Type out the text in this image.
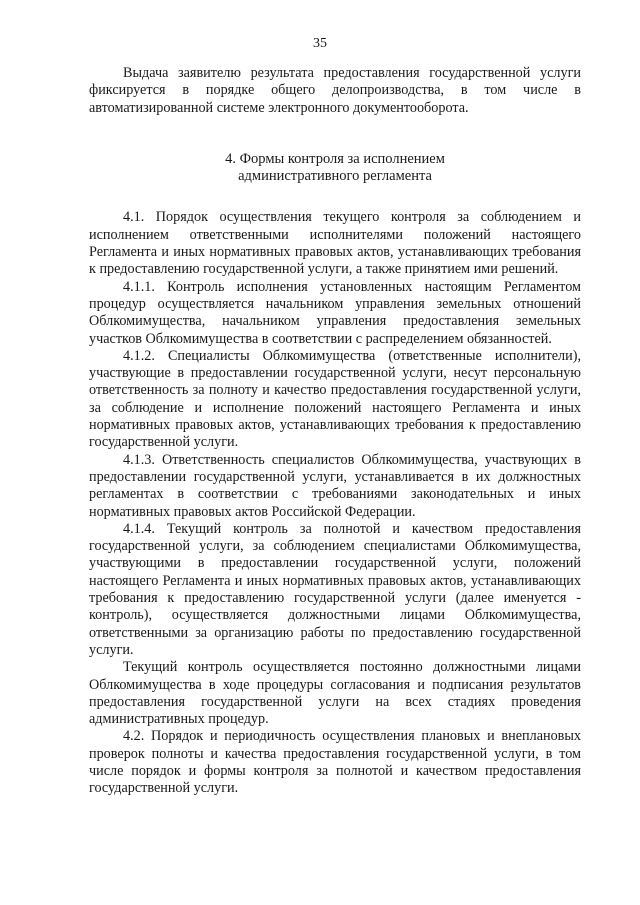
35

Выдача заявителю результата предоставления государственной услуги фиксируется в порядке общего делопроизводства, в том числе в автоматизированной системе электронного документооборота.

4. Формы контроля за исполнением
административного регламента

4.1. Порядок осуществления текущего контроля за соблюдением и исполнением ответственными исполнителями положений настоящего Регламента и иных нормативных правовых актов, устанавливающих требования к предоставлению государственной услуги, а также принятием ими решений.

4.1.1. Контроль исполнения установленных настоящим Регламентом процедур осуществляется начальником управления земельных отношений Облкомимущества, начальником управления предоставления земельных участков Облкомимущества в соответствии с распределением обязанностей.

4.1.2. Специалисты Облкомимущества (ответственные исполнители), участвующие в предоставлении государственной услуги, несут персональную ответственность за полноту и качество предоставления государственной услуги, за соблюдение и исполнение положений настоящего Регламента и иных нормативных правовых актов, устанавливающих требования к предоставлению государственной услуги.

4.1.3. Ответственность специалистов Облкомимущества, участвующих в предоставлении государственной услуги, устанавливается в их должностных регламентах в соответствии с требованиями законодательных и иных нормативных правовых актов Российской Федерации.

4.1.4. Текущий контроль за полнотой и качеством предоставления государственной услуги, за соблюдением специалистами Облкомимущества, участвующими в предоставлении государственной услуги, положений настоящего Регламента и иных нормативных правовых актов, устанавливающих требования к предоставлению государственной услуги (далее именуется - контроль), осуществляется должностными лицами Облкомимущества, ответственными за организацию работы по предоставлению государственной услуги.

Текущий контроль осуществляется постоянно должностными лицами Облкомимущества в ходе процедуры согласования и подписания результатов предоставления государственной услуги на всех стадиях проведения административных процедур.

4.2. Порядок и периодичность осуществления плановых и внеплановых проверок полноты и качества предоставления государственной услуги, в том числе порядок и формы контроля за полнотой и качеством предоставления государственной услуги.
